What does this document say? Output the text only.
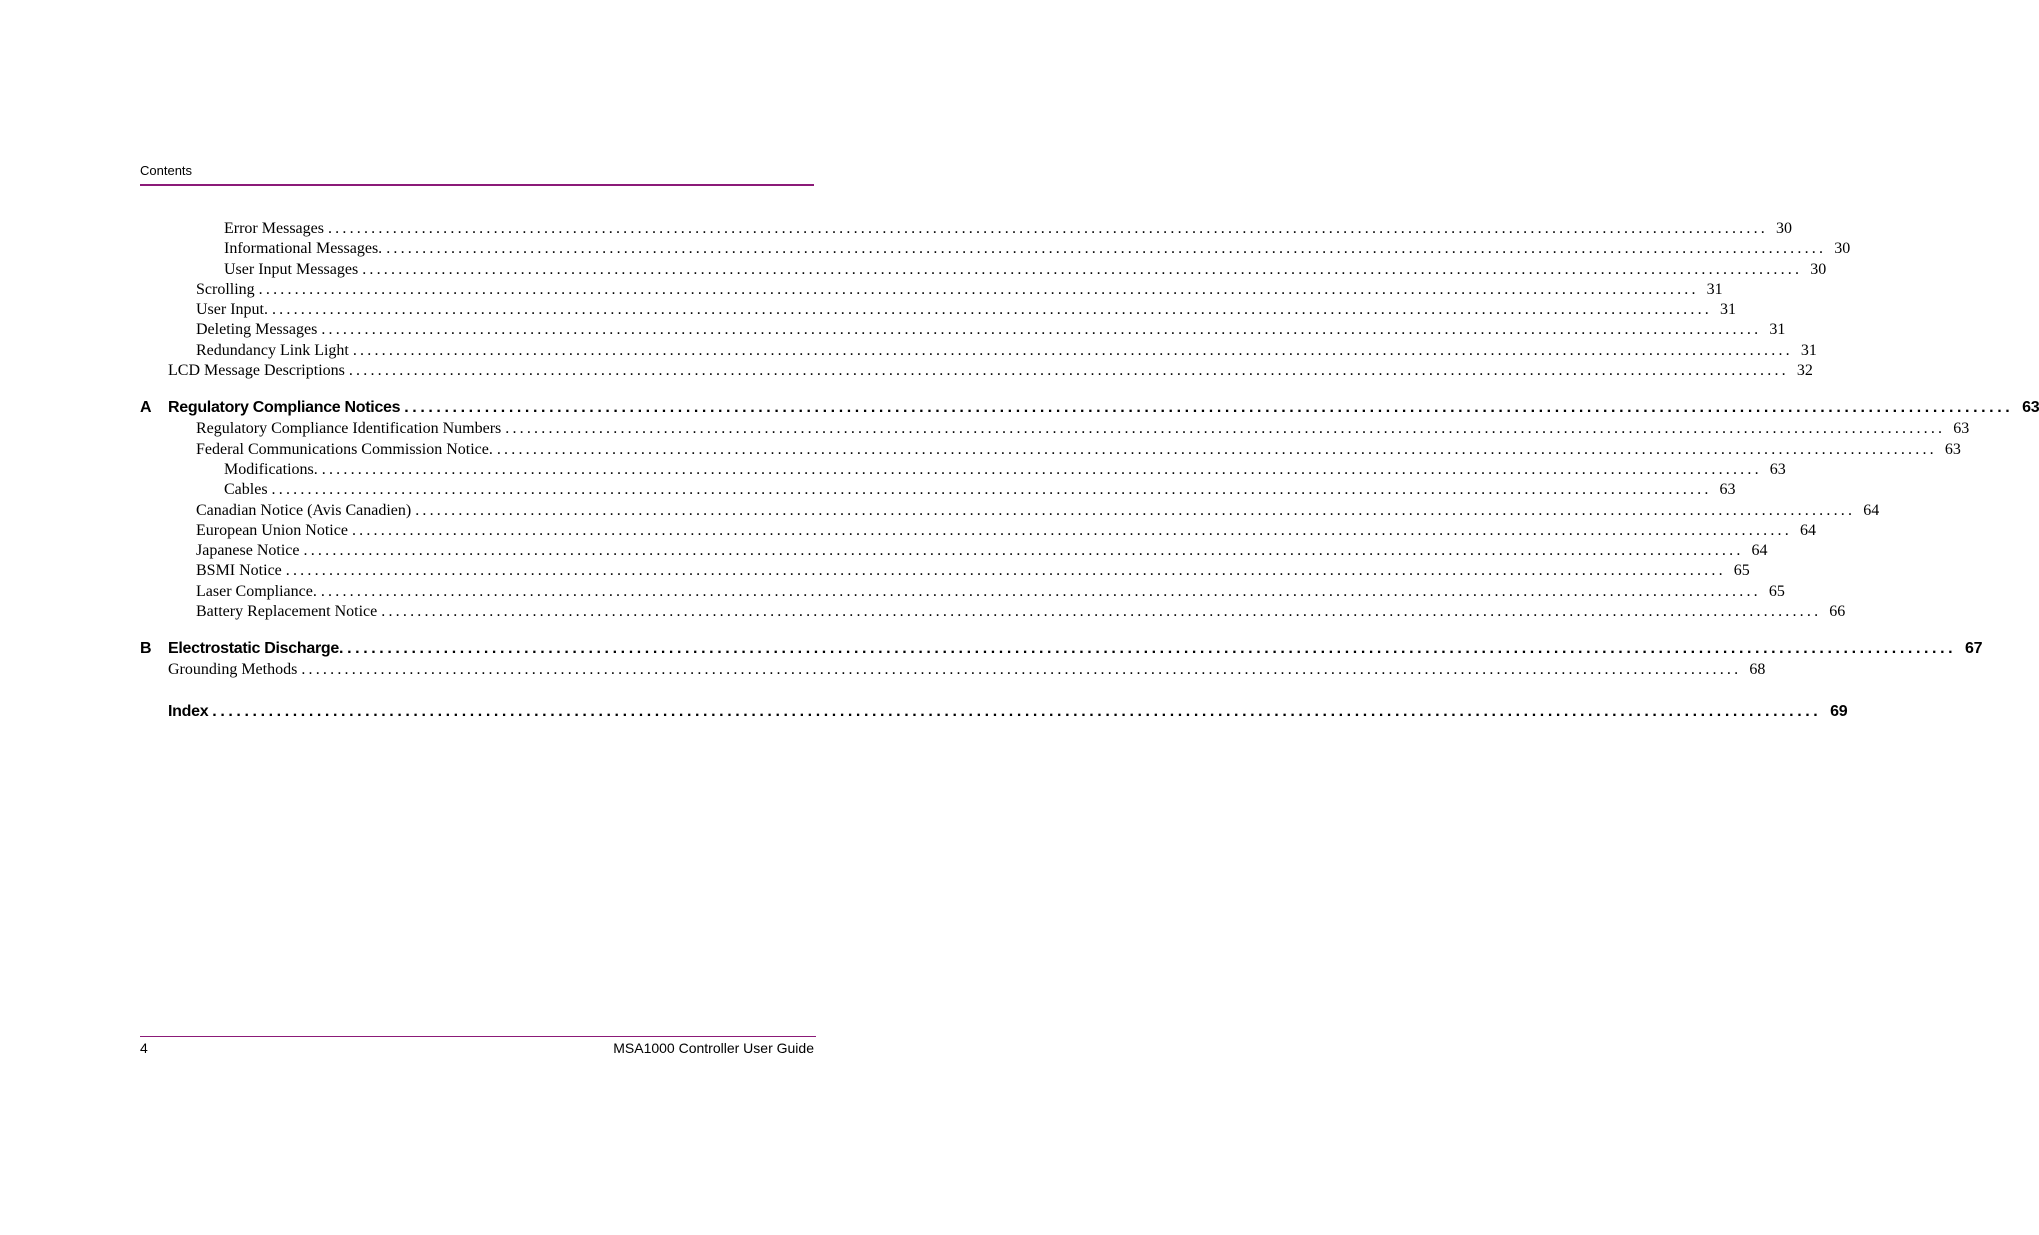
Contents
Error Messages ........................................................................................................................................................................................................ 30
Informational Messages. ........................................................................................................................................................................................................ 30
User Input Messages ........................................................................................................................................................................................................ 30
Scrolling ........................................................................................................................................................................................................ 31
User Input. ........................................................................................................................................................................................................ 31
Deleting Messages ........................................................................................................................................................................................................ 31
Redundancy Link Light ........................................................................................................................................................................................................ 31
LCD Message Descriptions ........................................................................................................................................................................................................ 32
A	Regulatory Compliance Notices ........................................................................................................................................................................................................ 63
Regulatory Compliance Identification Numbers ........................................................................................................................................................................................................ 63
Federal Communications Commission Notice. ........................................................................................................................................................................................................ 63
Modifications. ........................................................................................................................................................................................................ 63
Cables ........................................................................................................................................................................................................ 63
Canadian Notice (Avis Canadien) ........................................................................................................................................................................................................ 64
European Union Notice ........................................................................................................................................................................................................ 64
Japanese Notice ........................................................................................................................................................................................................ 64
BSMI Notice ........................................................................................................................................................................................................ 65
Laser Compliance. ........................................................................................................................................................................................................ 65
Battery Replacement Notice ........................................................................................................................................................................................................ 66
B	Electrostatic Discharge. ........................................................................................................................................................................................................ 67
Grounding Methods ........................................................................................................................................................................................................ 68
Index ........................................................................................................................................................................................................ 69
4	MSA1000 Controller User Guide
